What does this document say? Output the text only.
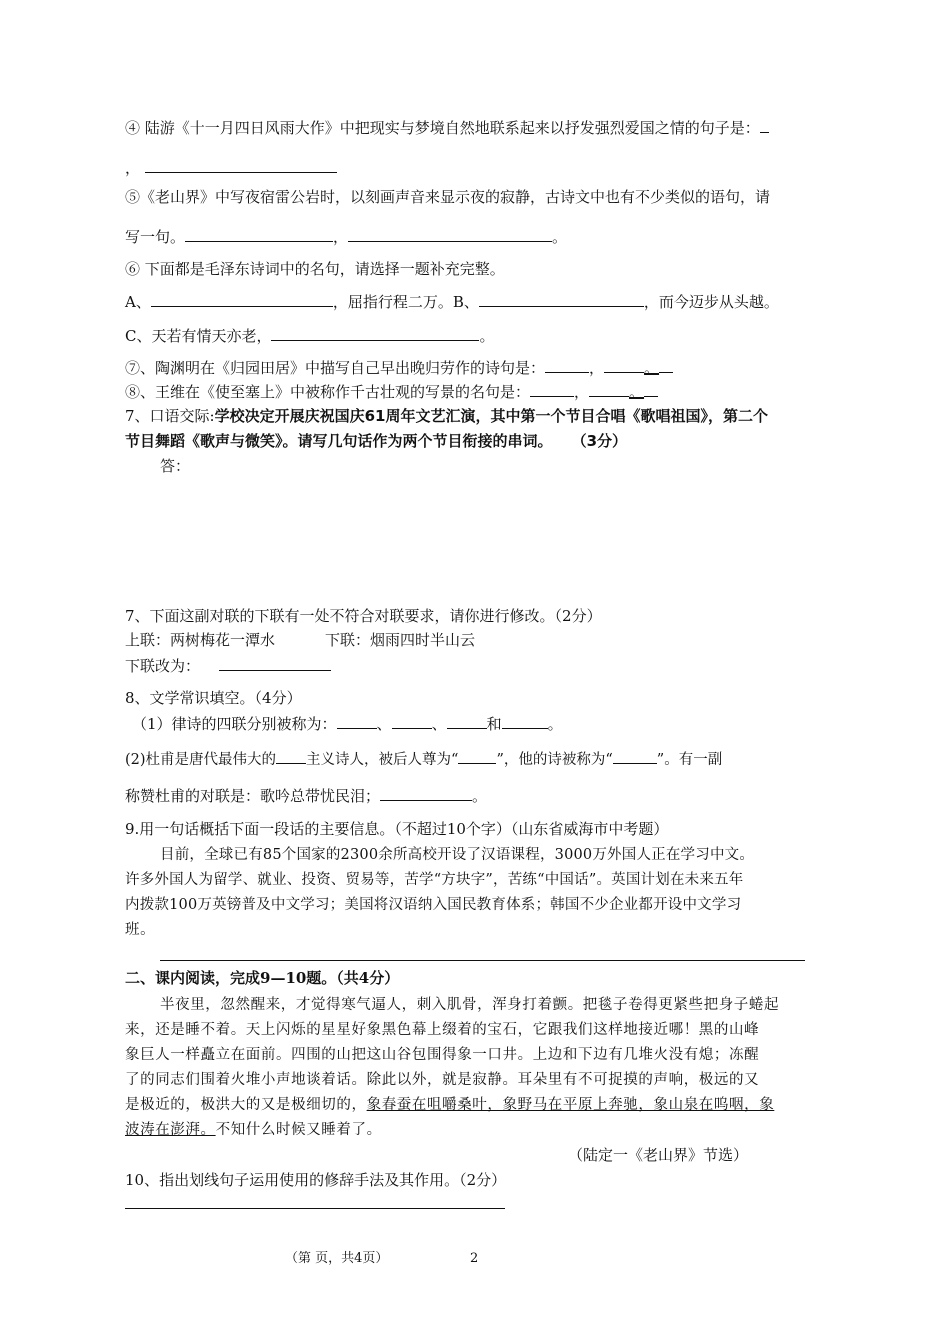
④ 陆游《十一月四日风雨大作》中把现实与梦境自然地联系起来以抒发强烈爱国之情的句子是：
，
⑤《老山界》中写夜宿雷公岩时，以刻画声音来显示夜的寂静，古诗文中也有不少类似的语句，请
写一句。	，	。
⑥ 下面都是毛泽东诗词中的名句，请选择一题补充完整。
A、	，屈指行程二万。B、	，而今迈步从头越。
C、天若有情天亦老，	。
⑦、陶渊明在《归园田居》中描写自己早出晚归劳作的诗句是：	，	。
⑧、王维在《使至塞上》中被称作千古壮观的写景的名句是：	，	。
7、口语交际:学校决定开展庆祝国庆61周年文艺汇演，其中第一个节目合唱《歌唱祖国》，第二个
节目舞蹈《歌声与微笑》。请写几句话作为两个节目衔接的串词。 （3分）
答：
7、下面这副对联的下联有一处不符合对联要求，请你进行修改。（2分）
上联：两树梅花一潭水	下联：烟雨四时半山云
下联改为：
8、文学常识填空。（4分）
（1）律诗的四联分别被称为：	、	、	和	。
(2)杜甫是唐代最伟大的 主义诗人，被后人尊为“	”，他的诗被称为“	”。有一副
称赞杜甫的对联是：歌吟总带忧民泪；	。
9.用一句话概括下面一段话的主要信息。（不超过10个字）（山东省威海市中考题）
目前，全球已有85个国家的2300余所高校开设了汉语课程，3000万外国人正在学习中文。
许多外国人为留学、就业、投资、贸易等，苦学“方块字”，苦练“中国话”。英国计划在未来五年
内拨款100万英镑普及中文学习；美国将汉语纳入国民教育体系；韩国不少企业都开设中文学习
班。
二、课内阅读，完成9—10题。（共4分）
半夜里，忽然醒来，才觉得寒气逼人，刺入肌骨，浑身打着颤。把毯子卷得更紧些把身子蜷起
来，还是睡不着。天上闪烁的星星好象黑色幕上缀着的宝石，它跟我们这样地接近哪！黑的山峰
象巨人一样矗立在面前。四围的山把这山谷包围得象一口井。上边和下边有几堆火没有熄；冻醒
了的同志们围着火堆小声地谈着话。除此以外，就是寂静。耳朵里有不可捉摸的声响，极远的又
是极近的，极洪大的又是极细切的，象春蚕在咀嚼桑叶，象野马在平原上奔驰，象山泉在呜咽，象
波涛在澎湃。不知什么时候又睡着了。
（陆定一《老山界》节选）
10、指出划线句子运用使用的修辞手法及其作用。（2分）
（第 页，共4页）	2
